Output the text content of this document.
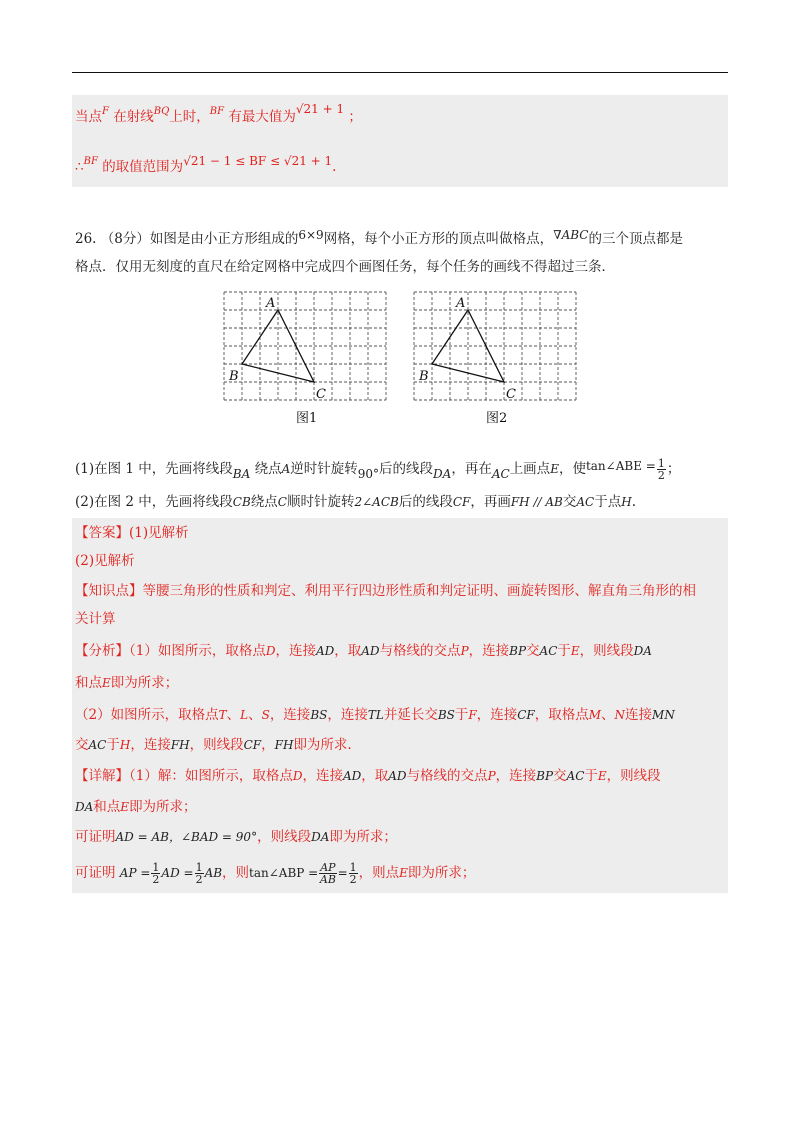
当点$^F$ 在射线$^{BQ}$上时，$^{BF}$ 有最大值为√21 + 1 ；
∴$^{BF}$ 的取值范围为√21 − 1 ≤ BF ≤ √21 + 1.
26. （8分）如图是由小正方形组成的6×9网格，每个小正方形的顶点叫做格点，∇ABC的三个顶点都是
格点．仅用无刻度的直尺在给定网格中完成四个画图任务，每个任务的画线不得超过三条．
A
B
C
图1
A
B
C
图2
(1)在图 1 中，先画将线段BA 绕点A逆时针旋转90°后的线段DA，再在AC上画点E，使tan∠ABE = $\frac{1}{2}$ ；
(2)在图 2 中，先画将线段CB绕点C顺时针旋转2∠ACB后的线段CF，再画FH // AB交AC于点H.
【答案】(1)见解析
(2)见解析
【知识点】等腰三角形的性质和判定、利用平行四边形性质和判定证明、画旋转图形、解直角三角形的相
关计算
【分析】（1）如图所示，取格点D，连接AD，取AD与格线的交点P，连接BP交AC于E，则线段DA
和点E即为所求；
（2）如图所示，取格点T、L、S，连接BS，连接TL并延长交BS于F，连接CF，取格点M、N连接MN
交AC于H，连接FH，则线段CF，FH即为所求.
【详解】（1）解：如图所示，取格点D，连接AD，取AD与格线的交点P，连接BP交AC于E，则线段
DA和点E即为所求；
可证明AD = AB，∠BAD = 90°，则线段DA即为所求；
可证明 AP = $\frac{1}{2}$ AD = $\frac{1}{2}$ AB，则tan∠ABP = $\frac{AP}{AB} = \frac{1}{2}$ ，则点E即为所求；
